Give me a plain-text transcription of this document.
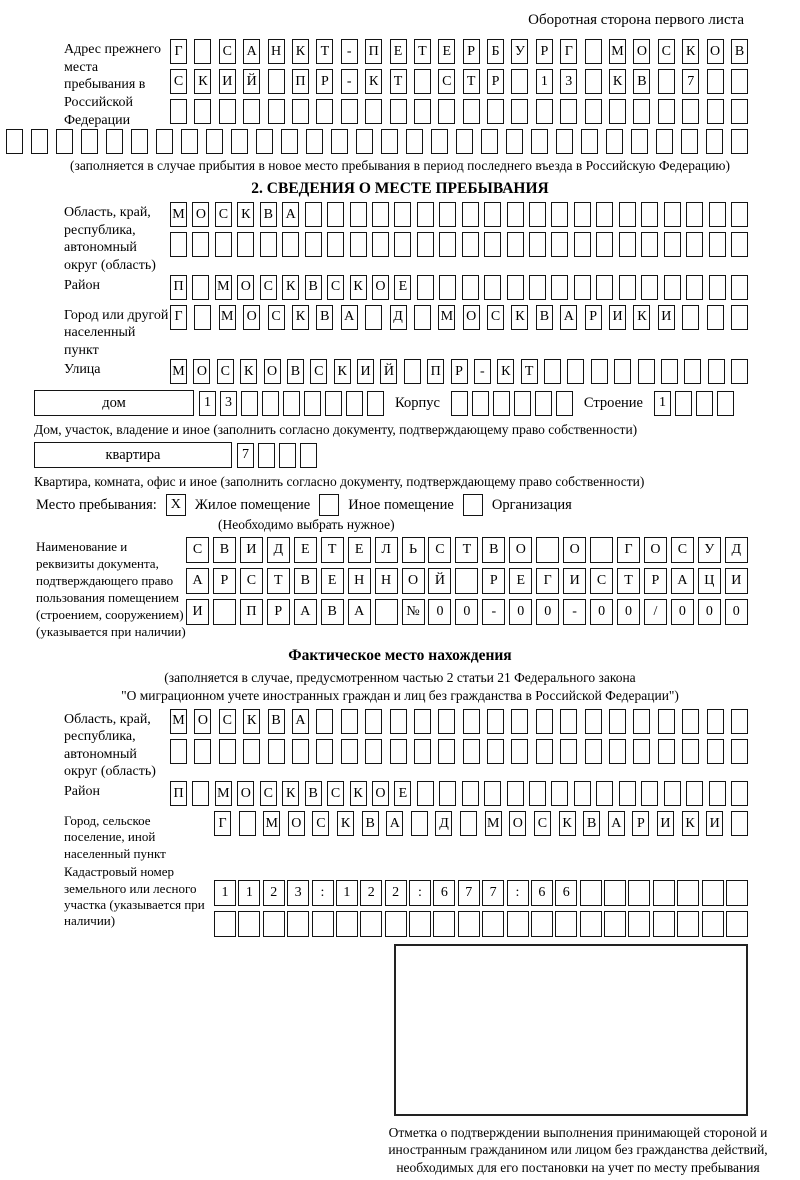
Оборотная сторона первого листа
Адрес прежнего места пребывания в Российской Федерации
Г	С А Н К	Т	-	П	Е	Т	Е	Р	Б	У	Р	Г	М О С К О В
С К И Й	П	Р	-	К	Т	С	Т	Р	1	3	К В	7
(заполняется в случае прибытия в новое место пребывания в период последнего въезда в Российскую Федерацию)
2. СВЕДЕНИЯ О МЕСТЕ ПРЕБЫВАНИЯ
Область, край, республика, автономный округ (область)
М О С К В А
Район	П М О С К В С К О Е
Город или другой населенный пункт
Г	М О С К В А	Д	М О С К В А	Р	И К И
Улица	М О С К О В С К И Й	П	Р	-	К	Т
дом	1	3	Корпус	Строение	1
Дом, участок, владение и иное (заполнить согласно документу, подтверждающему право собственности)
квартира	7
Квартира, комната, офис и иное (заполнить согласно документу, подтверждающему право собственности)
Место пребывания: X Жилое помещение	Иное помещение	Организация
(Необходимо выбрать нужное)
Наименование и реквизиты документа, подтверждающего право пользования помещением (строением, сооружением) (указывается при наличии)
С	В	И	Д	Е	Т	Е	Л	Ь	С	Т	В	О	О	Г	О	С	У	Д
А	Р	С	Т	В	Е	Н	Н	О	Й	Р	Е	Г	И	С	Т	Р	А	Ц	И
И	П	Р	А	В	А	№	0	0	-	0	0	-	0	0	/	0	0	0
Фактическое место нахождения
(заполняется в случае, предусмотренном частью 2 статьи 21 Федерального закона
"О миграционном учете иностранных граждан и лиц без гражданства в Российской Федерации")
Область, край, республика, автономный округ (область)
М О С К В А
Район	П М О С К В С К О Е
Город, сельское поселение, иной населенный пункт
Г	М О С К В А	Д	М О С К В А	Р	И К И
Кадастровый номер земельного или лесного участка (указывается при наличии)
1	1	2	3	:	1	2	2	:	6	7	7	:	6	6
Отметка о подтверждении выполнения принимающей стороной и иностранным гражданином или лицом без гражданства действий, необходимых для его постановки на учет по месту пребывания
